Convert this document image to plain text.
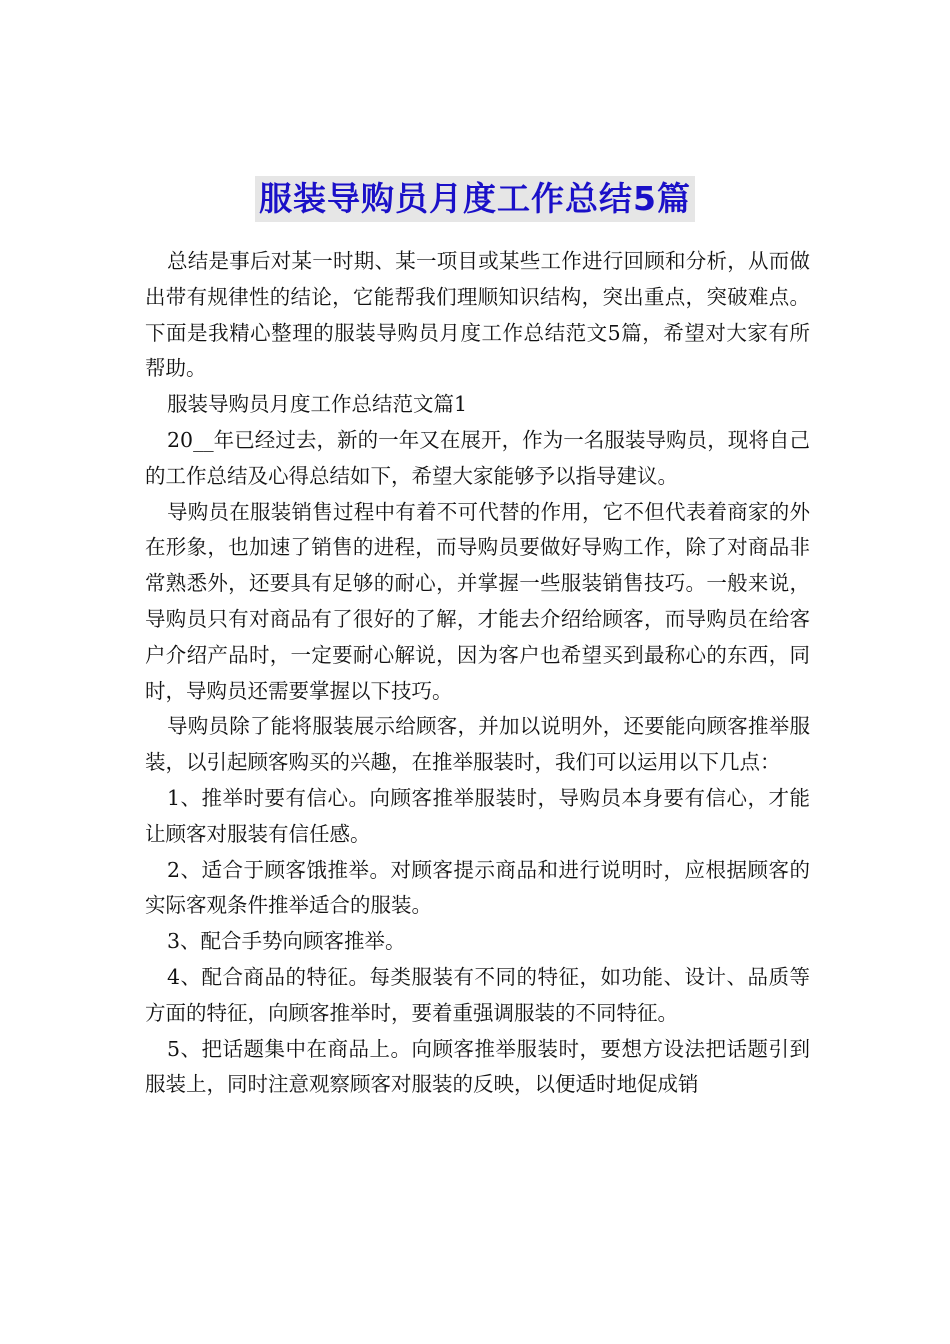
服装导购员月度工作总结5篇

总结是事后对某一时期、某一项目或某些工作进行回顾和分析，从而做出带有规律性的结论，它能帮我们理顺知识结构，突出重点，突破难点。下面是我精心整理的服装导购员月度工作总结范文5篇，希望对大家有所帮助。

服装导购员月度工作总结范文篇1

20__年已经过去，新的一年又在展开，作为一名服装导购员，现将自己的工作总结及心得总结如下，希望大家能够予以指导建议。

导购员在服装销售过程中有着不可代替的作用，它不但代表着商家的外在形象，也加速了销售的进程，而导购员要做好导购工作，除了对商品非常熟悉外，还要具有足够的耐心，并掌握一些服装销售技巧。一般来说，导购员只有对商品有了很好的了解，才能去介绍给顾客，而导购员在给客户介绍产品时，一定要耐心解说，因为客户也希望买到最称心的东西，同时，导购员还需要掌握以下技巧。

导购员除了能将服装展示给顾客，并加以说明外，还要能向顾客推举服装，以引起顾客购买的兴趣，在推举服装时，我们可以运用以下几点：

1、推举时要有信心。向顾客推举服装时，导购员本身要有信心，才能让顾客对服装有信任感。

2、适合于顾客饿推举。对顾客提示商品和进行说明时，应根据顾客的实际客观条件推举适合的服装。

3、配合手势向顾客推举。

4、配合商品的特征。每类服装有不同的特征，如功能、设计、品质等方面的特征，向顾客推举时，要着重强调服装的不同特征。

5、把话题集中在商品上。向顾客推举服装时，要想方设法把话题引到服装上，同时注意观察顾客对服装的反映，以便适时地促成销
